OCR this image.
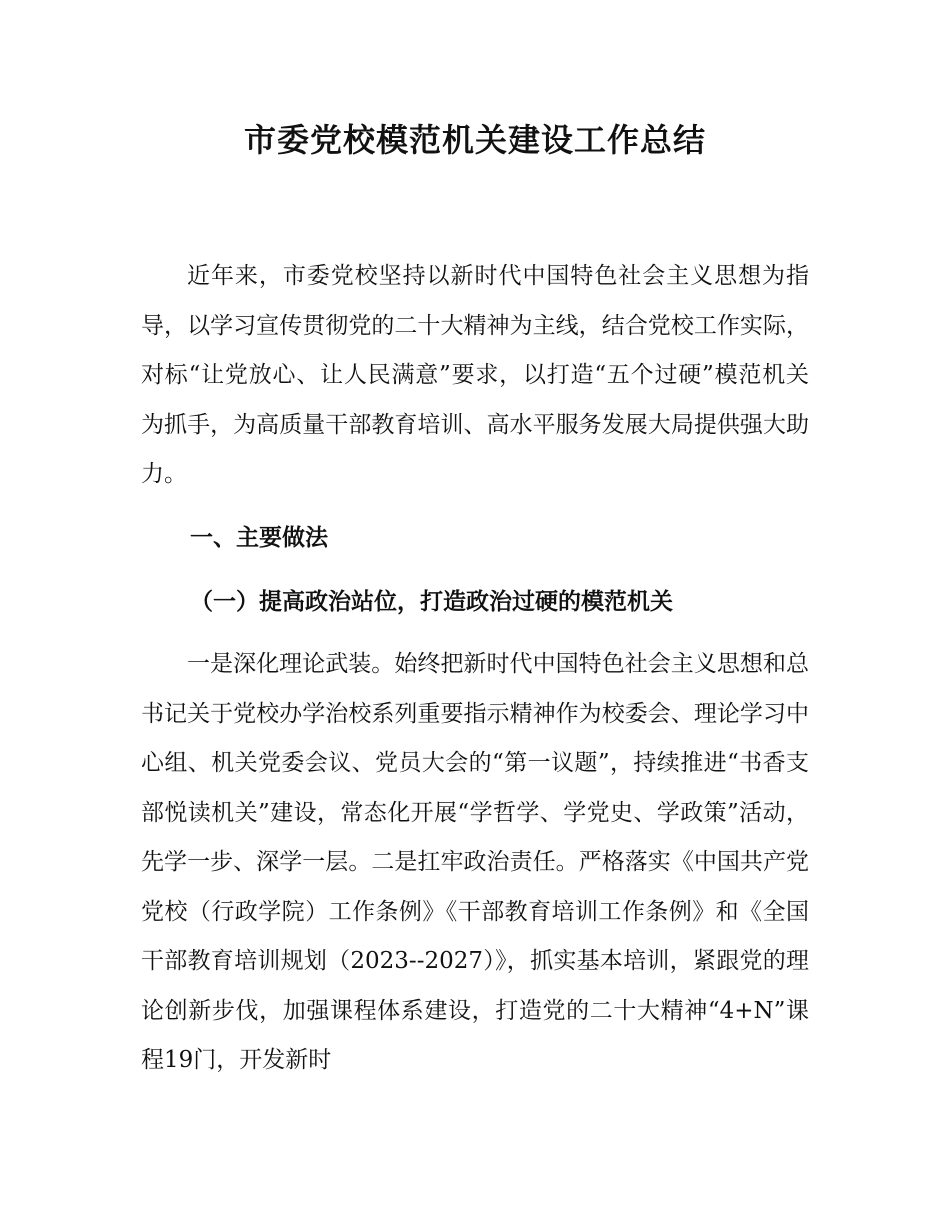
市委党校模范机关建设工作总结

近年来，市委党校坚持以新时代中国特色社会主义思想为指导，以学习宣传贯彻党的二十大精神为主线，结合党校工作实际，对标“让党放心、让人民满意”要求，以打造“五个过硬”模范机关为抓手，为高质量干部教育培训、高水平服务发展大局提供强大助力。

一、主要做法
（一）提高政治站位，打造政治过硬的模范机关

一是深化理论武装。始终把新时代中国特色社会主义思想和总书记关于党校办学治校系列重要指示精神作为校委会、理论学习中心组、机关党委会议、党员大会的“第一议题”，持续推进“书香支部悦读机关”建设，常态化开展“学哲学、学党史、学政策”活动，先学一步、深学一层。二是扛牢政治责任。严格落实《中国共产党党校（行政学院）工作条例》《干部教育培训工作条例》和《全国干部教育培训规划（2023--2027）》，抓实基本培训，紧跟党的理论创新步伐，加强课程体系建设，打造党的二十大精神“4+N”课程19门，开发新时
